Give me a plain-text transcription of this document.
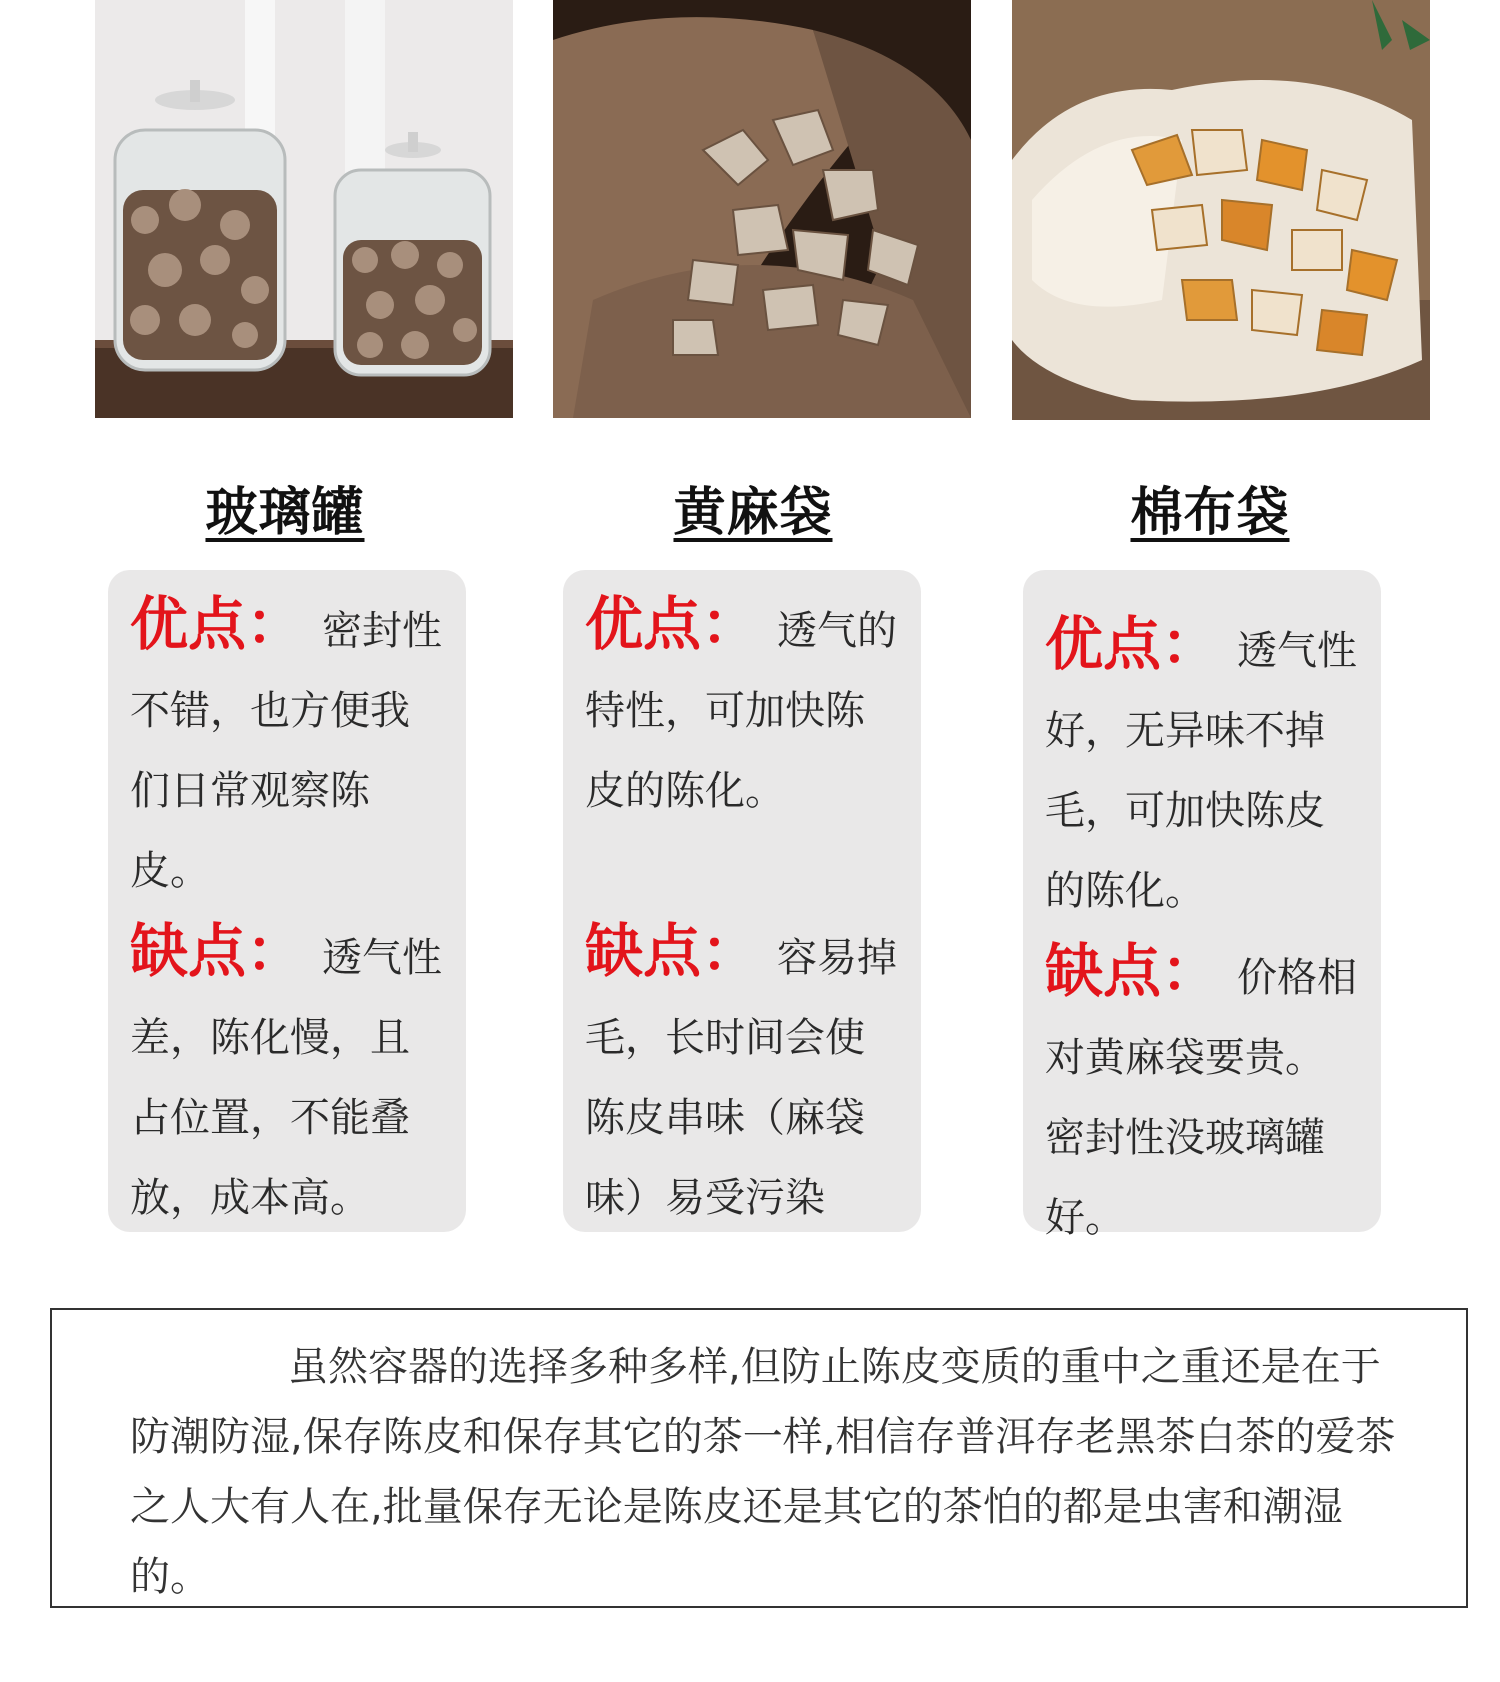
玻璃罐	黄麻袋	棉布袋
优点： 密封性不错，也方便我们日常观察陈皮。
缺点： 透气性差，陈化慢，且占位置，不能叠放，成本高。
优点： 透气的特性，可加快陈皮的陈化。
缺点： 容易掉毛，长时间会使陈皮串味（麻袋味）易受污染
优点： 透气性好，无异味不掉毛，可加快陈皮的陈化。
缺点： 价格相对黄麻袋要贵。密封性没玻璃罐好。
虽然容器的选择多种多样,但防止陈皮变质的重中之重还是在于防潮防湿,保存陈皮和保存其它的茶一样,相信存普洱存老黑茶白茶的爱茶之人大有人在,批量保存无论是陈皮还是其它的茶怕的都是虫害和潮湿的。
